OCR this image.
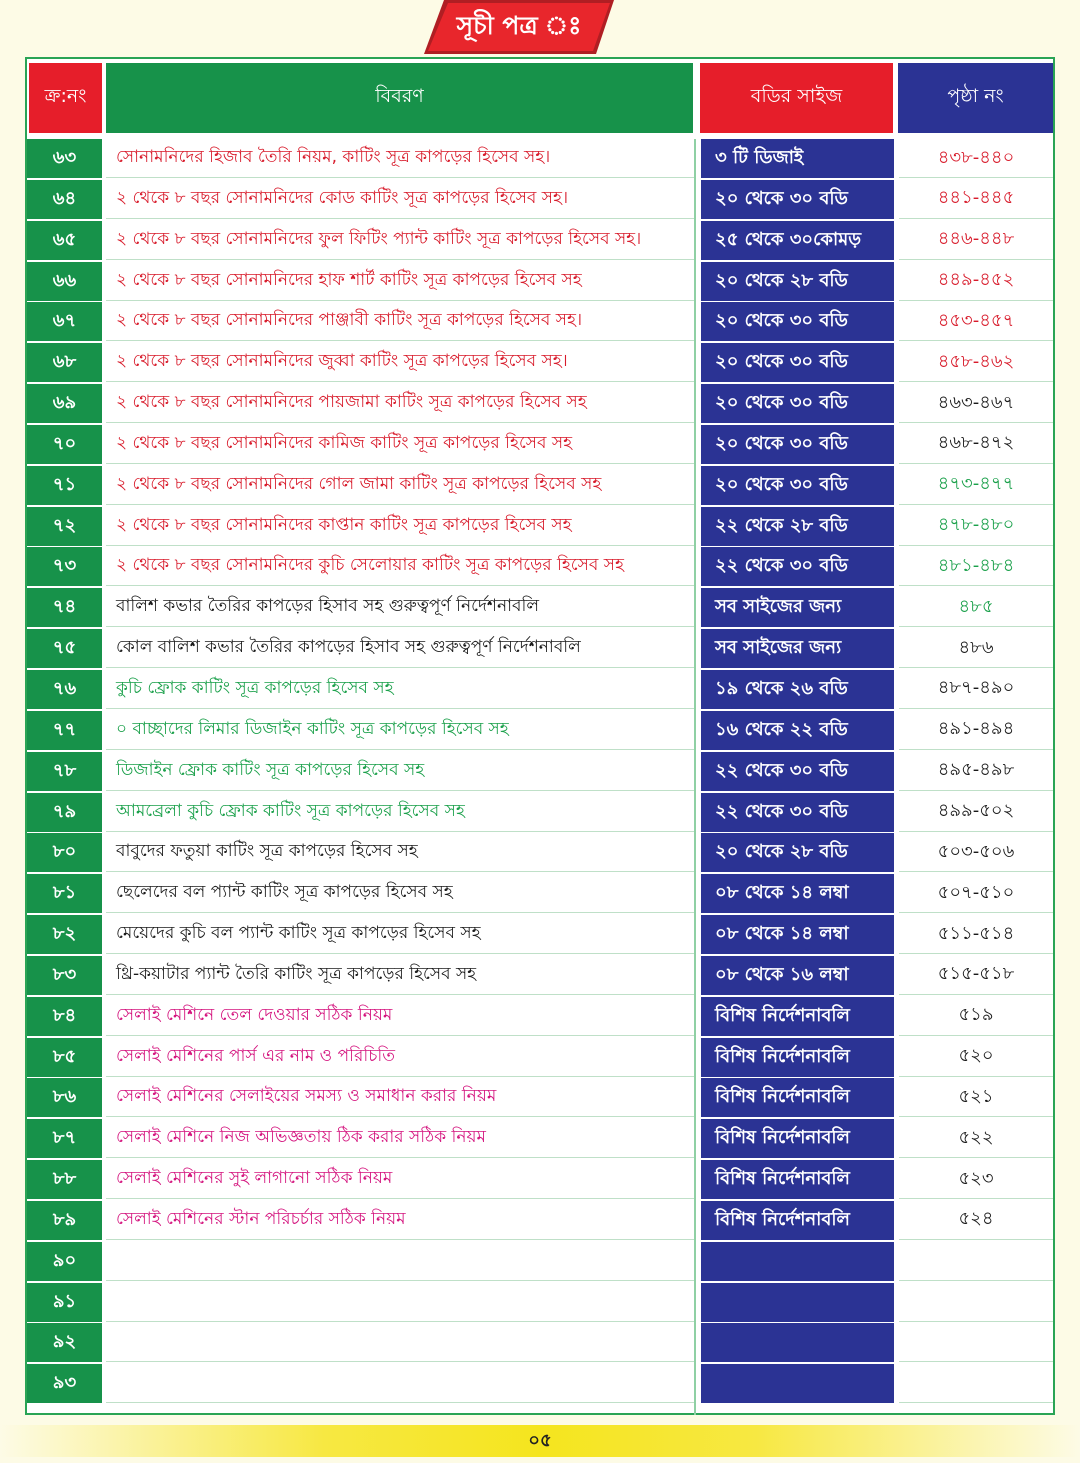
সূচী পত্র ঃ
ক্র:নং	বিবরণ	বডির সাইজ	পৃষ্ঠা নং
৬৩	সোনামনিদের হিজাব তৈরি নিয়ম, কাটিং সূত্র কাপড়ের হিসেব সহ।	৩ টি ডিজাই	৪৩৮-৪৪০
৬৪	২ থেকে ৮ বছর সোনামনিদের কোড কাটিং সূত্র কাপড়ের হিসেব সহ।	২০ থেকে ৩০ বডি	৪৪১-৪৪৫
৬৫	২ থেকে ৮ বছর সোনামনিদের ফুল ফিটিং প্যান্ট কাটিং সূত্র কাপড়ের হিসেব সহ।	২৫ থেকে ৩০কোমড়	৪৪৬-৪৪৮
৬৬	২ থেকে ৮ বছর সোনামনিদের হাফ শার্ট কাটিং সূত্র কাপড়ের হিসেব সহ	২০ থেকে ২৮ বডি	৪৪৯-৪৫২
৬৭	২ থেকে ৮ বছর সোনামনিদের পাঞ্জাবী কাটিং সূত্র কাপড়ের হিসেব সহ।	২০ থেকে ৩০ বডি	৪৫৩-৪৫৭
৬৮	২ থেকে ৮ বছর সোনামনিদের জুব্বা কাটিং সূত্র কাপড়ের হিসেব সহ।	২০ থেকে ৩০ বডি	৪৫৮-৪৬২
৬৯	২ থেকে ৮ বছর সোনামনিদের পায়জামা কাটিং সূত্র কাপড়ের হিসেব সহ	২০ থেকে ৩০ বডি	৪৬৩-৪৬৭
৭০	২ থেকে ৮ বছর সোনামনিদের কামিজ কাটিং সূত্র কাপড়ের হিসেব সহ	২০ থেকে ৩০ বডি	৪৬৮-৪৭২
৭১	২ থেকে ৮ বছর সোনামনিদের গোল জামা কাটিং সূত্র কাপড়ের হিসেব সহ	২০ থেকে ৩০ বডি	৪৭৩-৪৭৭
৭২	২ থেকে ৮ বছর সোনামনিদের কাপ্তান কাটিং সূত্র কাপড়ের হিসেব সহ	২২ থেকে ২৮ বডি	৪৭৮-৪৮০
৭৩	২ থেকে ৮ বছর সোনামনিদের কুচি সেলোয়ার কাটিং সূত্র কাপড়ের হিসেব সহ	২২ থেকে ৩০ বডি	৪৮১-৪৮৪
৭৪	বালিশ কভার তৈরির কাপড়ের হিসাব সহ গুরুত্বপূর্ণ নির্দেশনাবলি	সব সাইজের জন্য	৪৮৫
৭৫	কোল বালিশ কভার তৈরির কাপড়ের হিসাব সহ গুরুত্বপূর্ণ নির্দেশনাবলি	সব সাইজের জন্য	৪৮৬
৭৬	কুচি ফ্রোক কাটিং সূত্র কাপড়ের হিসেব সহ	১৯ থেকে ২৬ বডি	৪৮৭-৪৯০
৭৭	০ বাচ্ছাদের লিমার ডিজাইন কাটিং সূত্র কাপড়ের হিসেব সহ	১৬ থেকে ২২ বডি	৪৯১-৪৯৪
৭৮	ডিজাইন ফ্রোক কাটিং সূত্র কাপড়ের হিসেব সহ	২২ থেকে ৩০ বডি	৪৯৫-৪৯৮
৭৯	আমব্রেলা কুচি ফ্রোক কাটিং সূত্র কাপড়ের হিসেব সহ	২২ থেকে ৩০ বডি	৪৯৯-৫০২
৮০	বাবুদের ফতুয়া কাটিং সূত্র কাপড়ের হিসেব সহ	২০ থেকে ২৮ বডি	৫০৩-৫০৬
৮১	ছেলেদের বল প্যান্ট কাটিং সূত্র কাপড়ের হিসেব সহ	০৮ থেকে ১৪ লম্বা	৫০৭-৫১০
৮২	মেয়েদের কুচি বল প্যান্ট কাটিং সূত্র কাপড়ের হিসেব সহ	০৮ থেকে ১৪ লম্বা	৫১১-৫১৪
৮৩	থ্রি-কয়াটার প্যান্ট তৈরি কাটিং সূত্র কাপড়ের হিসেব সহ	০৮ থেকে ১৬ লম্বা	৫১৫-৫১৮
৮৪	সেলাই মেশিনে তেল দেওয়ার সঠিক নিয়ম	বিশিষ নির্দেশনাবলি	৫১৯
৮৫	সেলাই মেশিনের পার্স এর নাম ও পরিচিতি	বিশিষ নির্দেশনাবলি	৫২০
৮৬	সেলাই মেশিনের সেলাইয়ের সমস্য ও সমাধান করার নিয়ম	বিশিষ নির্দেশনাবলি	৫২১
৮৭	সেলাই মেশিনে নিজ অভিজ্ঞতায় ঠিক করার সঠিক নিয়ম	বিশিষ নির্দেশনাবলি	৫২২
৮৮	সেলাই মেশিনের সুই লাগানো সঠিক নিয়ম	বিশিষ নির্দেশনাবলি	৫২৩
৮৯	সেলাই মেশিনের স্টান পরিচর্চার সঠিক নিয়ম	বিশিষ নির্দেশনাবলি	৫২৪
৯০
৯১
৯২
৯৩
০৫
